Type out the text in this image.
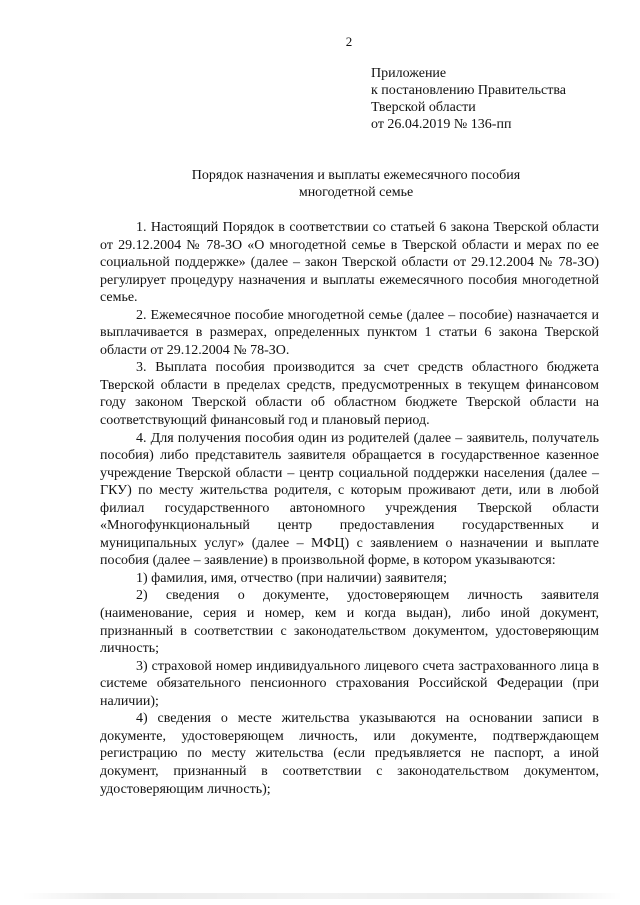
2
Приложение
к постановлению Правительства
Тверской области
от 26.04.2019 № 136-пп
Порядок назначения и выплаты ежемесячного пособия
многодетной семье

1. Настоящий Порядок в соответствии со статьей 6 закона Тверской области от 29.12.2004 № 78-ЗО «О многодетной семье в Тверской области и мерах по ее социальной поддержке» (далее – закон Тверской области от 29.12.2004 № 78-ЗО) регулирует процедуру назначения и выплаты ежемесячного пособия многодетной семье.

2. Ежемесячное пособие многодетной семье (далее – пособие) назначается и выплачивается в размерах, определенных пунктом 1 статьи 6 закона Тверской области от 29.12.2004 № 78-ЗО.

3. Выплата пособия производится за счет средств областного бюджета Тверской области в пределах средств, предусмотренных в текущем финансовом году законом Тверской области об областном бюджете Тверской области на соответствующий финансовый год и плановый период.

4. Для получения пособия один из родителей (далее – заявитель, получатель пособия) либо представитель заявителя обращается в государственное казенное учреждение Тверской области – центр социальной поддержки населения (далее – ГКУ) по месту жительства родителя, с которым проживают дети, или в любой филиал государственного автономного учреждения Тверской области «Многофункциональный центр предоставления государственных и муниципальных услуг» (далее – МФЦ) с заявлением о назначении и выплате пособия (далее – заявление) в произвольной форме, в котором указываются:

1) фамилия, имя, отчество (при наличии) заявителя;

2) сведения о документе, удостоверяющем личность заявителя (наименование, серия и номер, кем и когда выдан), либо иной документ, признанный в соответствии с законодательством документом, удостоверяющим личность;

3) страховой номер индивидуального лицевого счета застрахованного лица в системе обязательного пенсионного страхования Российской Федерации (при наличии);

4) сведения о месте жительства указываются на основании записи в документе, удостоверяющем личность, или документе, подтверждающем регистрацию по месту жительства (если предъявляется не паспорт, а иной документ, признанный в соответствии с законодательством документом, удостоверяющим личность);
